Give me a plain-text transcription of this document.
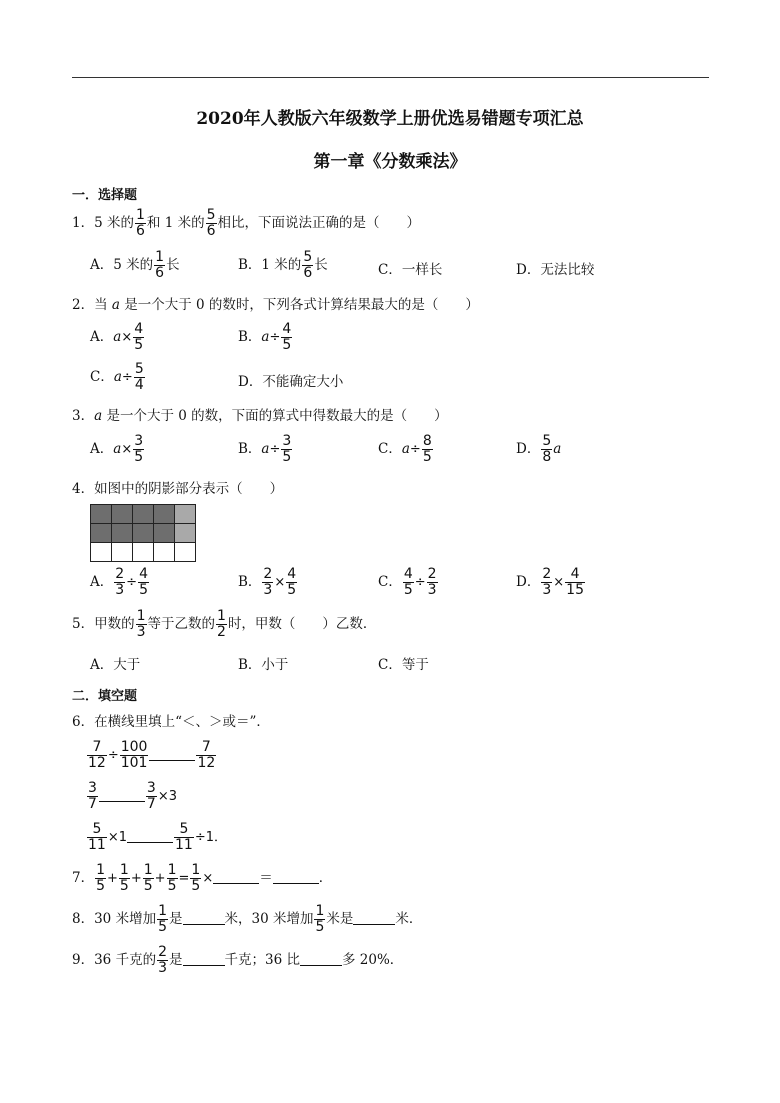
2020年人教版六年级数学上册优选易错题专项汇总
第一章《分数乘法》
一．选择题
1．5 米的 $\frac{1}{6}$ 和 1 米的 $\frac{5}{6}$ 相比，下面说法正确的是（　　）
A．5 米的 $\frac{1}{6}$ 长	B．1 米的 $\frac{5}{6}$ 长	C．一样长	D．无法比较
2．当 a 是一个大于 0 的数时，下列各式计算结果最大的是（　　）
A．$a\times \frac{4}{5}$	B．$a\div \frac{4}{5}$
C．$a\div \frac{5}{4}$	D．不能确定大小
3．a 是一个大于 0 的数，下面的算式中得数最大的是（　　）
A．$a\times \frac{3}{5}$	B．$a\div \frac{3}{5}$	C．$a\div \frac{8}{5}$	D． $\frac{5}{8}$ a
4．如图中的阴影部分表示（　　）

A． $\frac{2}{3} \div \frac{4}{5}$	B． $\frac{2}{3} \times \frac{4}{5}$	C． $\frac{4}{5} \div \frac{2}{3}$	D． $\frac{2}{3} \times \frac{4}{15}$
5．甲数的 $\frac{1}{3}$ 等于乙数的 $\frac{1}{2}$ 时，甲数（　　）乙数．
A．大于	B．小于	C．等于
二．填空题
6．在横线里填上“＜、＞或＝”．
$\frac{7}{12} \div \frac{100}{101}$	$\frac{7}{12}$
$\frac{3}{7}$	$\frac{3}{7} \times 3$
$\frac{5}{11} \times 1$	$\frac{5}{11} \div 1$．
7． $\frac{1}{5} + \frac{1}{5} + \frac{1}{5} + \frac{1}{5} = \frac{1}{5}$ ×	＝	．
8．30 米增加 $\frac{1}{5}$ 是	米，30 米增加 $\frac{1}{5}$ 米是	米．
9．36 千克的 $\frac{2}{3}$ 是	千克；36 比	多 20%．
